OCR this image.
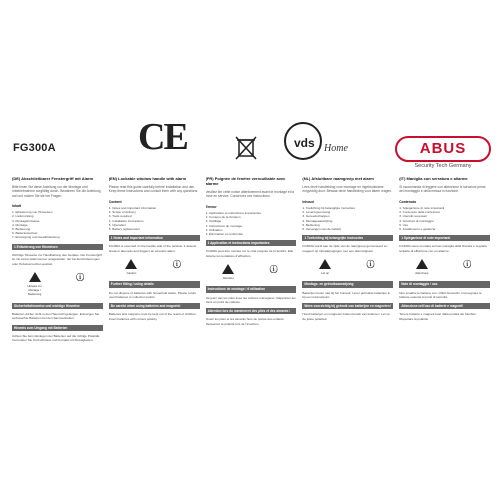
FG300A CE	vds Home	ABUS
Security Tech Germany
(DE) Abschließbarer Fenstergriff mit Alarm

Bitte lesen Sie diese Anleitung vor der Montage und Inbetriebnahme sorgfältig durch. Bewahren Sie die Anleitung auf und nutzen Sie sie bei Fragen.

Inhalt
1. Erläuterung von Hinweisen
2. Lieferumfang
3. Montagehinweise
4. Montage
5. Bedienung
6. Batteriewechsel
7. Entsorgung und Gewährleistung
1 Erläuterung von Hinweisen

Wichtige Hinweise zur Handhabung des Gerätes. Der Fenstergriff ist mit einem Alarmsensor ausgestattet, der bei Erschütterungen oder Hebelversuchen auslöst.

Hinweis zur Montage / Bedienung
ⓘ
Sicherheitshinweise und wichtige Hinweise

Batterien dürfen nicht in den Hausmüll gelangen. Entsorgen Sie verbrauchte Batterien bei den Sammelstellen.

Hinweis zum Umgang mit Batterien

Achten Sie beim Einlegen der Batterien auf die richtige Polarität. Vermeiden Sie Kurzschlüsse und Kontakt mit Flüssigkeiten.

(EN) Lockable window handle with alarm

Please read this guide carefully before installation and use. Keep these instructions and consult them with any questions.

Content
1. Notes and important information
2. Scope of delivery
3. Tools required
4. Installation instructions
5. Operation
6. Battery replacement
1 Notes and important information

FG300A is mounted on the handle side of the window. It detects break-in attempts and triggers an acoustic alarm.

Caution
ⓘ
Further fitting / using details

Do not dispose of batteries with household waste. Please return used batteries to collection points.

Be careful when using batteries and magnets!

Batteries and magnets must be kept out of the reach of children. Insert batteries with correct polarity.

(FR) Poignée de fenêtre verrouillable avec alarme

Veuillez lire cette notice attentivement avant le montage et la mise en service. Conservez ces instructions.

Teneur
1. Application et instructions importantes
2. Contenu de la livraison
3. Outillage
4. Instructions de montage
5. Utilisation
6. Élimination et conformité
1 Application et instructions importantes

FG300A peut être montée sur le côté poignée de la fenêtre. Elle détecte les tentatives d'effraction.

Attention
ⓘ
Instructions de montage / d'utilisation

Ne jetez pas les piles avec les ordures ménagères. Rapportez-les dans un point de collecte.

Attention lors du maniement des piles et des aimants !

Tenez les piles et les aimants hors de portée des enfants. Respectez la polarité lors de l'insertion.

(NL) Afsluitbare raamgreep met alarm

Lees deze handleiding voor montage en ingebruikname zorgvuldig door. Bewaar deze handleiding voor latere vragen.

Inhoud
1. Toelichting bij belangrijke instructies
2. Leveringsomvang
3. Gereedschappen
4. Montageaanwijzing
5. Bediening
6. Vervangen van de batterij
1 Toelichting bij belangrijke instructies

FG300A wordt aan de zijde van de raamgreep gemonteerd en reageert op inbraakpogingen met een alarmsignaal.

Let op
ⓘ
Montage- en gebruiksaanwijzing

Batterijen horen niet bij het huisvuil. Lever gebruikte batterijen in bij een inzamelpunt.

Wees voorzichtig bij gebruik van batterijen en magneten!

Houd batterijen en magneten buiten bereik van kinderen. Let op de juiste polariteit.

(IT) Maniglia con serratura e allarme

Si raccomanda di leggere con attenzione le istruzioni prima del montaggio e della messa in funzione.

Contenuto
1. Spiegazione di note importanti
2. Contenuto della confezione
3. Utensili necessari
4. Istruzioni di montaggio
5. Uso
6. Smaltimento e garanzia
1 Spiegazione di note importanti

FG300A viene montata sul lato maniglia della finestra e segnala tentativi di effrazione con un allarme.

Attenzione
ⓘ
Note di montaggio / uso

Non smaltire le batterie con i rifiuti domestici. Consegnare le batterie esauste ai punti di raccolta.

Attenzione nell'uso di batterie e magneti!

Tenere batterie e magneti fuori dalla portata dei bambini. Rispettare la polarità.
